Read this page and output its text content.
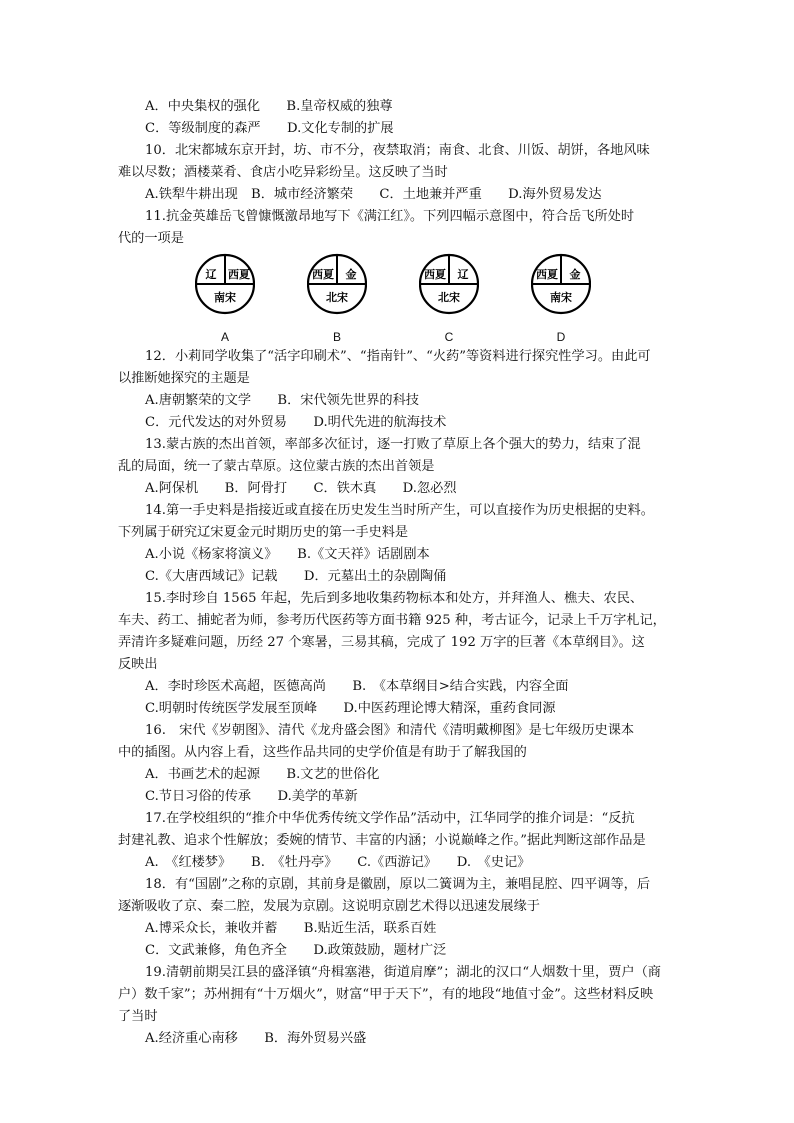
A．中央集权的强化　　B.皇帝权威的独尊
C．等级制度的森严　　D.文化专制的扩展
10．北宋都城东京开封，坊、市不分，夜禁取消；南食、北食、川饭、胡饼，各地风味
难以尽数；酒楼菜肴、食店小吃异彩纷呈。这反映了当时
A.铁犁牛耕出现　B．城市经济繁荣　　C．土地兼并严重　　D.海外贸易发达
11.抗金英雄岳飞曾慷慨激昂地写下《满江红》。下列四幅示意图中，符合岳飞所处时
代的一项是
辽 西夏
南宋
A
西夏 金
北宋
B
西夏 辽
北宋
C
西夏 金
南宋
D
12．小莉同学收集了“活字印刷术”、“指南针”、“火药”等资料进行探究性学习。由此可
以推断她探究的主题是
A.唐朝繁荣的文学　　B．宋代领先世界的科技
C．元代发达的对外贸易　　D.明代先进的航海技术
13.蒙古族的杰出首领，率部多次征讨，逐一打败了草原上各个强大的势力，结束了混
乱的局面，统一了蒙古草原。这位蒙古族的杰出首领是
A.阿保机　　B．阿骨打　　C．铁木真　　D.忽必烈
14.第一手史料是指接近或直接在历史发生当时所产生，可以直接作为历史根据的史料。
下列属于研究辽宋夏金元时期历史的第一手史料是
A.小说《杨家将演义》　　B.《文天祥》话剧剧本
C.《大唐西域记》记载　　D．元墓出土的杂剧陶俑
15.李时珍自 1565 年起，先后到多地收集药物标本和处方，并拜渔人、樵夫、农民、
车夫、药工、捕蛇者为师，参考历代医药等方面书籍 925 种，考古证今，记录上千万字札记，
弄清许多疑难问题，历经 27 个寒暑，三易其稿，完成了 192 万字的巨著《本草纲目》。这
反映出
A．李时珍医术高超，医德高尚　　B.　《本草纲目>结合实践，内容全面
C.明朝时传统医学发展至顶峰　　D.中医药理论博大精深，重药食同源
16.　宋代《岁朝图》、清代《龙舟盛会图》和清代《清明戴柳图》是七年级历史课本
中的插图。从内容上看，这些作品共同的史学价值是有助于了解我国的
A．书画艺术的起源　　B.文艺的世俗化
C.节日习俗的传承　　D.美学的革新
17.在学校组织的“推介中华优秀传统文学作品”活动中，江华同学的推介词是：“反抗
封建礼教、追求个性解放；委婉的情节、丰富的内涵；小说巅峰之作。”据此判断这部作品是
A.　《红楼梦》　　B.　《牡丹亭》　　C.《西游记》　　D.　《史记》
18．有“国剧”之称的京剧，其前身是徽剧，原以二簧调为主，兼唱昆腔、四平调等，后
逐渐吸收了京、秦二腔，发展为京剧。这说明京剧艺术得以迅速发展缘于
A.博采众长，兼收并蓄　　B.贴近生活，联系百姓
C．文武兼修，角色齐全　　D.政策鼓励，题材广泛
19.清朝前期吴江县的盛泽镇“舟楫塞港，街道肩摩”；湖北的汉口“人烟数十里，贾户（商
户）数千家”；苏州拥有“十万烟火”，财富“甲于天下”，有的地段“地值寸金”。这些材料反映
了当时
A.经济重心南移　　B．海外贸易兴盛
